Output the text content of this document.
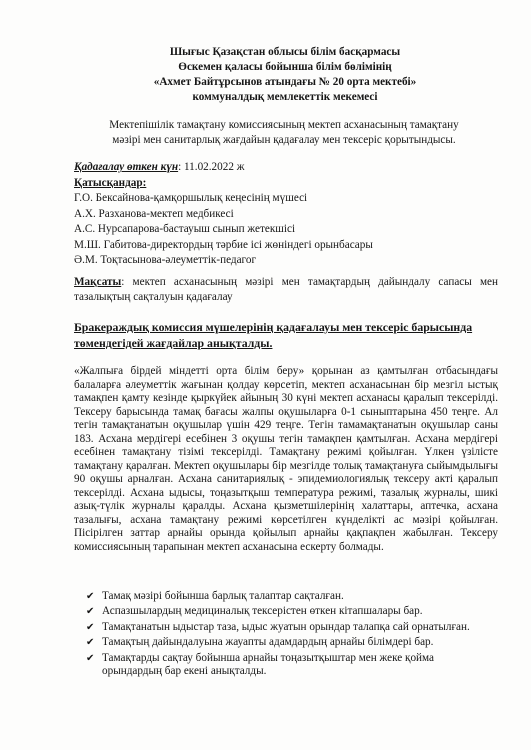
Шығыс Қазақстан облысы білім басқармасы
Өскемен қаласы бойынша білім бөлімінің
«Ахмет Байтұрсынов атындағы № 20 орта мектебі»
коммуналдық мемлекеттік мекемесі
Мектепішілік тамақтану комиссиясының мектеп асханасының тамақтану
мәзірі мен санитарлық жағдайын қадағалау мен тексеріс қорытындысы.
Қадағалау өткен күн: 11.02.2022 ж
Қатысқандар:
Г.О. Бексайнова-қамқоршылық кеңесінің мүшесі
А.Х. Разханова-мектеп медбикесі
А.С. Нурсапарова-бастауыш сынып жетекшісі
М.Ш. Габитова-директордың тәрбие ісі жөніндегі орынбасары
Ә.М. Тоқтасынова-әлеуметтік-педагог
Мақсаты: мектеп асханасының мәзірі мен тамақтардың дайындалу сапасы мен тазалықтың сақталуын қадағалау
Бракераждық комиссия мүшелерінің қадағалауы мен тексеріс барысында төмендегідей жағдайлар анықталды.
«Жалпыға бірдей міндетті орта білім беру» қорынан аз қамтылған отбасындағы балаларға әлеуметтік жағынан қолдау көрсетіп, мектеп асханасынан бір мезгіл ыстық тамақпен қамту кезінде қыркүйек айының 30 күні мектеп асханасы қаралып тексерілді. Тексеру барысында тамақ бағасы жалпы оқушыларға 0-1 сыныптарына 450 теңге. Ал тегін тамақтанатын оқушылар үшін 429 теңге. Тегін тамамақтанатын оқушылар саны 183. Асхана мердігері есебінен 3 оқушы тегін тамақпен қамтылған. Асхана мердігері есебінен тамақтану тізімі тексерілді. Тамақтану режимі қойылған. Үлкен үзілісте тамақтану қаралған. Мектеп оқушылары бір мезгілде толық тамақтануға сыйымдылығы 90 оқушы арналған. Асхана санитариялық - эпидемиологиялық тексеру акті қаралып тексерілді. Асхана ыдысы, тоңазытқыш температура режимі, тазалық журналы, шикі азық-түлік журналы қаралды. Асхана қызметшілерінің халаттары, аптечка, асхана тазалығы, асхана тамақтану режимі көрсетілген күнделікті ас мәзірі қойылған. Пісірілген заттар арнайы орында қойылып арнайы қақпақпен жабылған. Тексеру комиссиясының тарапынан мектеп асханасына ескерту болмады.
✔ Тамақ мәзірі бойынша барлық талаптар сақталған.
✔ Аспазшылардың медициналық тексерістен өткен кітапшалары бар.
✔ Тамақтанатын ыдыстар таза, ыдыс жуатын орындар талапқа сай орнатылған.
✔ Тамақтың дайындалуына жауапты адамдардың арнайы білімдері бар.
✔ Тамақтарды сақтау бойынша арнайы тоңазытқыштар мен жеке қойма орындардың бар екені анықталды.
